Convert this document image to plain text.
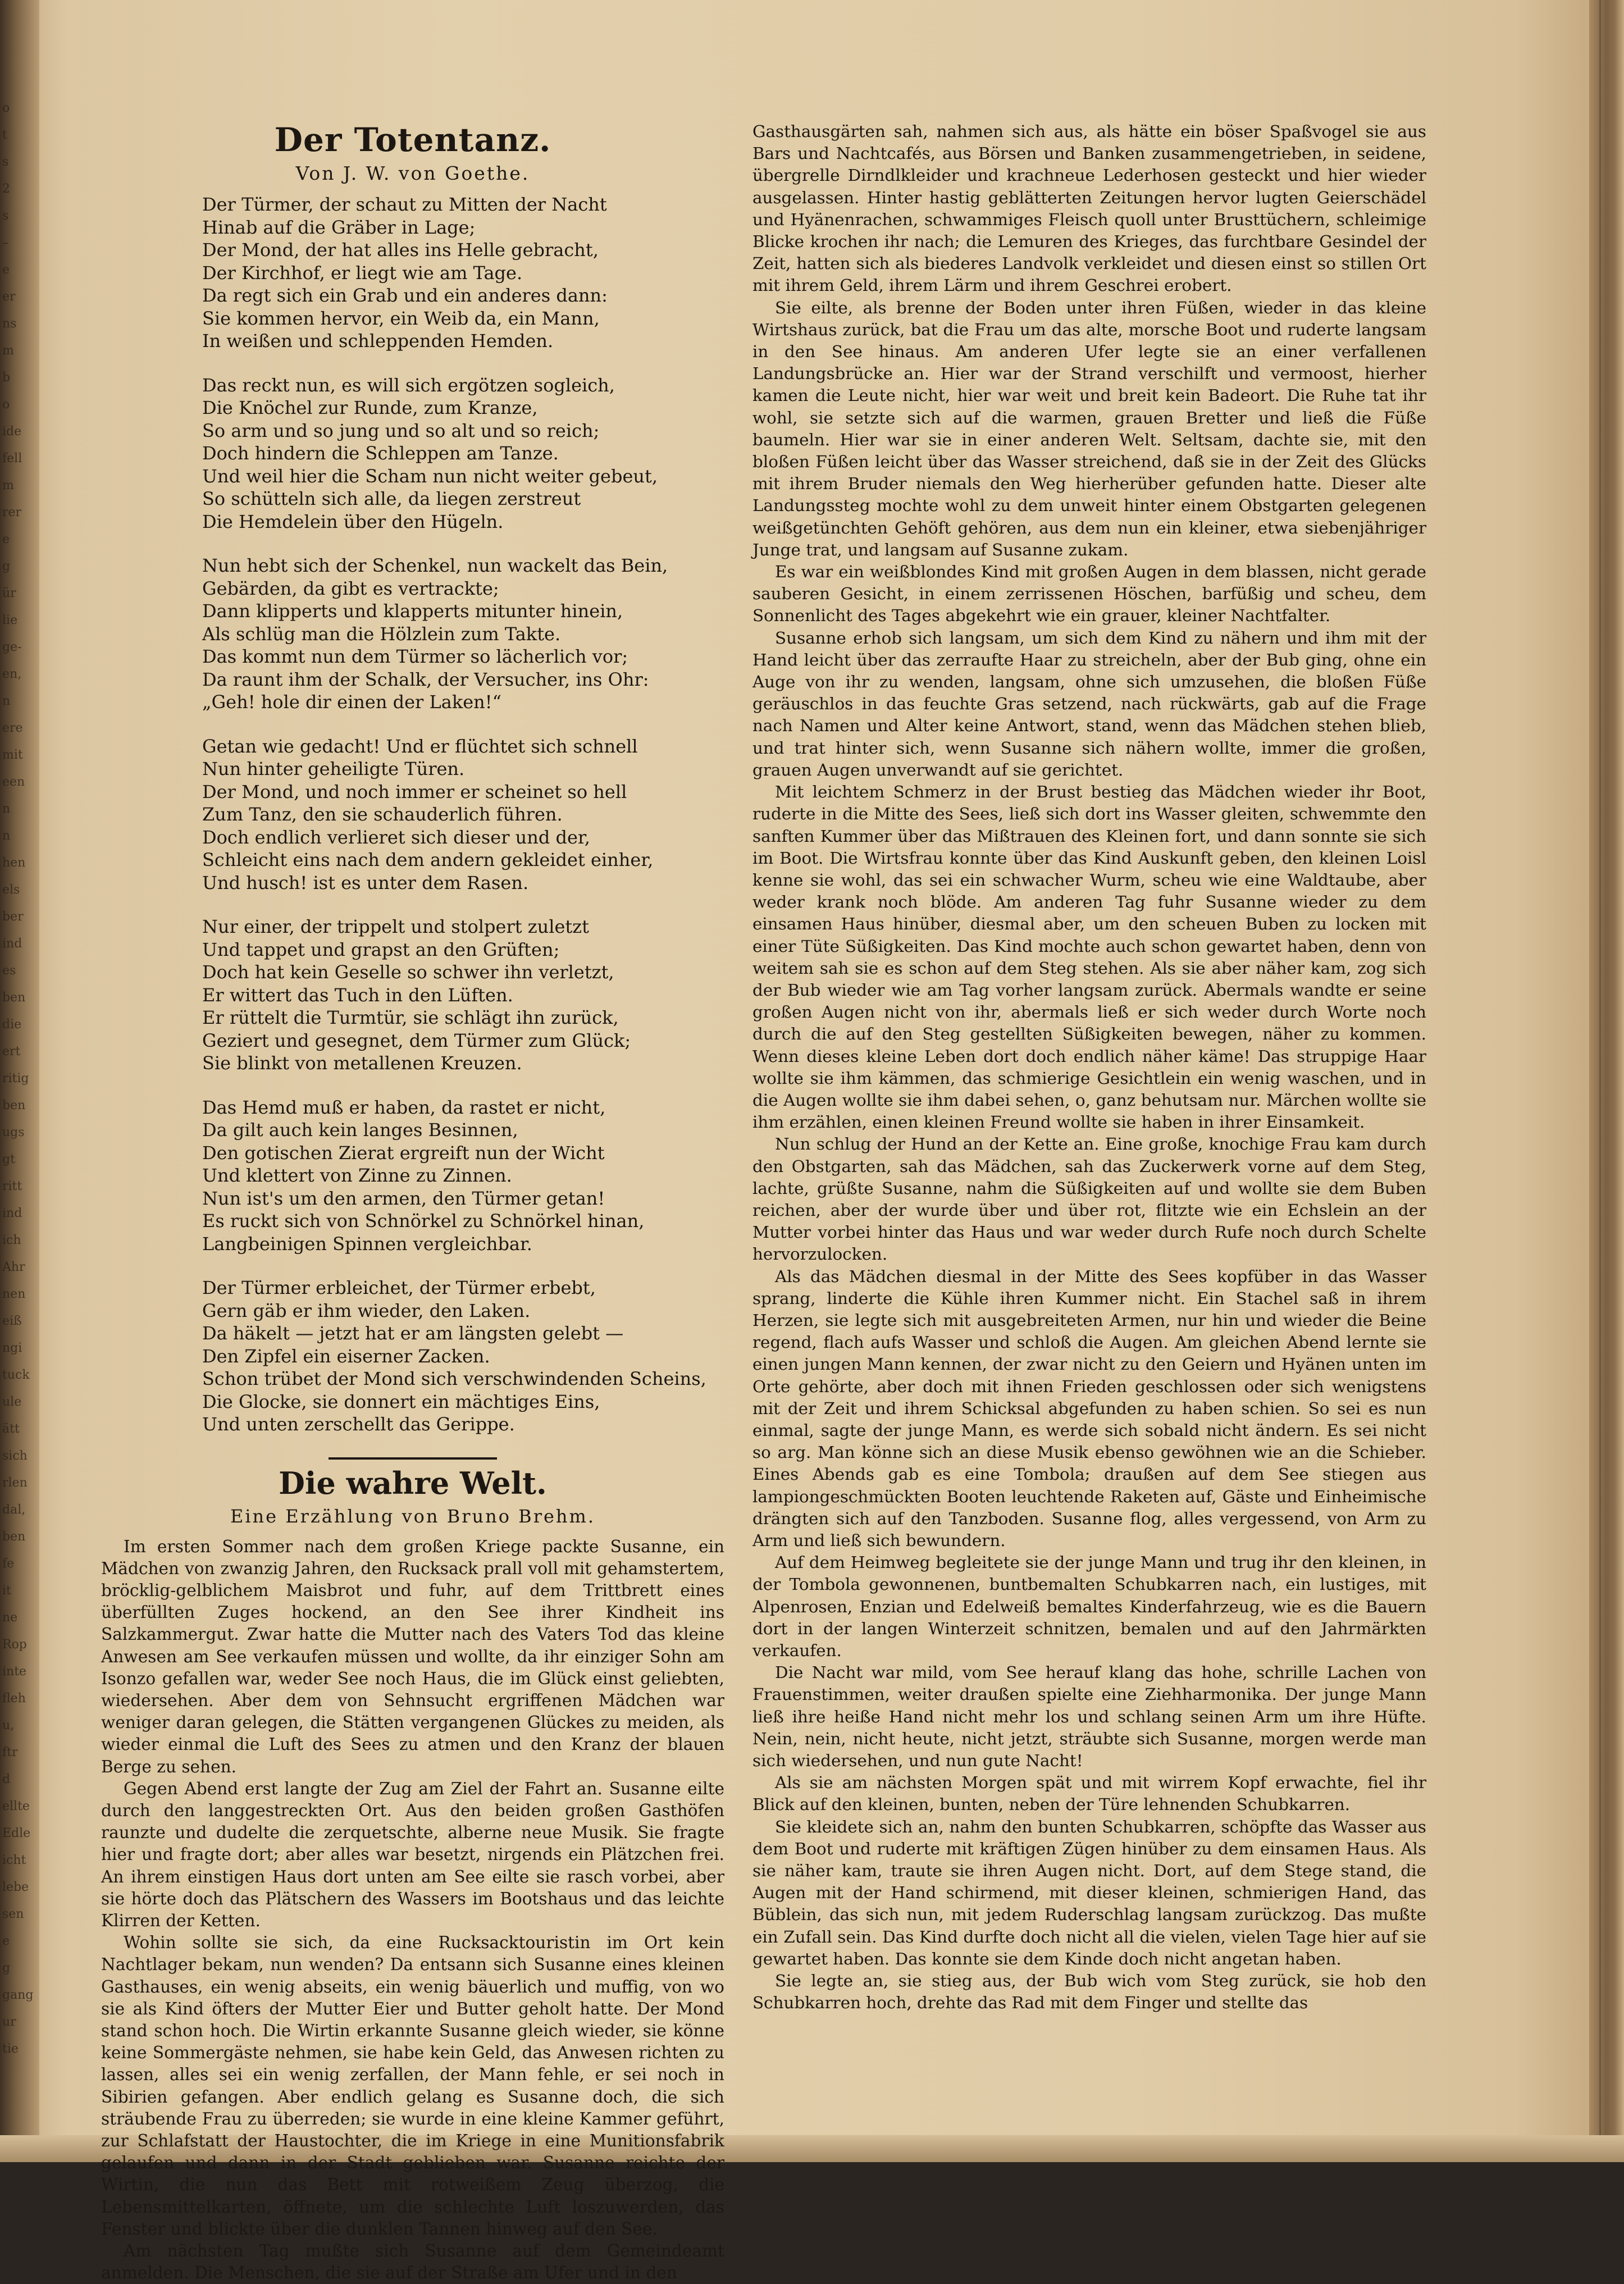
o
t
s
2
s
–
e
er
ns
m
b
o
ide
fell
m
rer
e
g
ür
lie
ge-
en,
n
ere
mit
een
n
n
hen
els
ber
ind
es
ben
die
ert
ritig
ben
ugs
gt
ritt
ind
ich
Ahr
nen
eiß
ngi
tuck
ule
ätt
sich
rlen
dal,
ben
fe
it
ne
Rop
inte
fleh
u,
ftr
d
ellte
Edle
icht
lebe
sen
e
g
gang
ur
tie
Der Totentanz.
Von J. W. von Goethe.
Der Türmer, der schaut zu Mitten der Nacht
Hinab auf die Gräber in Lage;
Der Mond, der hat alles ins Helle gebracht,
Der Kirchhof, er liegt wie am Tage.
Da regt sich ein Grab und ein anderes dann:
Sie kommen hervor, ein Weib da, ein Mann,
In weißen und schleppenden Hemden.
Das reckt nun, es will sich ergötzen sogleich,
Die Knöchel zur Runde, zum Kranze,
So arm und so jung und so alt und so reich;
Doch hindern die Schleppen am Tanze.
Und weil hier die Scham nun nicht weiter gebeut,
So schütteln sich alle, da liegen zerstreut
Die Hemdelein über den Hügeln.
Nun hebt sich der Schenkel, nun wackelt das Bein,
Gebärden, da gibt es vertrackte;
Dann klipperts und klapperts mitunter hinein,
Als schlüg man die Hölzlein zum Takte.
Das kommt nun dem Türmer so lächerlich vor;
Da raunt ihm der Schalk, der Versucher, ins Ohr:
„Geh! hole dir einen der Laken!“
Getan wie gedacht! Und er flüchtet sich schnell
Nun hinter geheiligte Türen.
Der Mond, und noch immer er scheinet so hell
Zum Tanz, den sie schauderlich führen.
Doch endlich verlieret sich dieser und der,
Schleicht eins nach dem andern gekleidet einher,
Und husch! ist es unter dem Rasen.
Nur einer, der trippelt und stolpert zuletzt
Und tappet und grapst an den Grüften;
Doch hat kein Geselle so schwer ihn verletzt,
Er wittert das Tuch in den Lüften.
Er rüttelt die Turmtür, sie schlägt ihn zurück,
Geziert und gesegnet, dem Türmer zum Glück;
Sie blinkt von metallenen Kreuzen.
Das Hemd muß er haben, da rastet er nicht,
Da gilt auch kein langes Besinnen,
Den gotischen Zierat ergreift nun der Wicht
Und klettert von Zinne zu Zinnen.
Nun ist's um den armen, den Türmer getan!
Es ruckt sich von Schnörkel zu Schnörkel hinan,
Langbeinigen Spinnen vergleichbar.
Der Türmer erbleichet, der Türmer erbebt,
Gern gäb er ihm wieder, den Laken.
Da häkelt — jetzt hat er am längsten gelebt —
Den Zipfel ein eiserner Zacken.
Schon trübet der Mond sich verschwindenden Scheins,
Die Glocke, sie donnert ein mächtiges Eins,
Und unten zerschellt das Gerippe.
Die wahre Welt.
Eine Erzählung von Bruno Brehm.

Im ersten Sommer nach dem großen Kriege packte Susanne, ein Mädchen von zwanzig Jahren, den Rucksack prall voll mit gehamstertem, bröcklig-gelblichem Maisbrot und fuhr, auf dem Trittbrett eines überfüllten Zuges hockend, an den See ihrer Kindheit ins Salzkammergut. Zwar hatte die Mutter nach des Vaters Tod das kleine Anwesen am See verkaufen müssen und wollte, da ihr einziger Sohn am Isonzo gefallen war, weder See noch Haus, die im Glück einst geliebten, wiedersehen. Aber dem von Sehnsucht ergriffenen Mädchen war weniger daran gelegen, die Stätten vergangenen Glückes zu meiden, als wieder einmal die Luft des Sees zu atmen und den Kranz der blauen Berge zu sehen.

Gegen Abend erst langte der Zug am Ziel der Fahrt an. Susanne eilte durch den langgestreckten Ort. Aus den beiden großen Gasthöfen raunzte und dudelte die zerquetschte, alberne neue Musik. Sie fragte hier und fragte dort; aber alles war besetzt, nirgends ein Plätzchen frei. An ihrem einstigen Haus dort unten am See eilte sie rasch vorbei, aber sie hörte doch das Plätschern des Wassers im Bootshaus und das leichte Klirren der Ketten.

Wohin sollte sie sich, da eine Rucksacktouristin im Ort kein Nachtlager bekam, nun wenden? Da entsann sich Susanne eines kleinen Gasthauses, ein wenig abseits, ein wenig bäuerlich und muffig, von wo sie als Kind öfters der Mutter Eier und Butter geholt hatte. Der Mond stand schon hoch. Die Wirtin erkannte Susanne gleich wieder, sie könne keine Sommergäste nehmen, sie habe kein Geld, das Anwesen richten zu lassen, alles sei ein wenig zerfallen, der Mann fehle, er sei noch in Sibirien gefangen. Aber endlich gelang es Susanne doch, die sich sträubende Frau zu überreden; sie wurde in eine kleine Kammer geführt, zur Schlafstatt der Haustochter, die im Kriege in eine Munitionsfabrik gelaufen und dann in der Stadt geblieben war. Susanne reichte der Wirtin, die nun das Bett mit rotweißem Zeug überzog, die Lebensmittelkarten, öffnete, um die schlechte Luft loszuwerden, das Fenster und blickte über die dunklen Tannen hinweg auf den See.

Am nächsten Tag mußte sich Susanne auf dem Gemeindeamt anmelden. Die Menschen, die sie auf der Straße am Ufer und in den

Gasthausgärten sah, nahmen sich aus, als hätte ein böser Spaßvogel sie aus Bars und Nachtcafés, aus Börsen und Banken zusammengetrieben, in seidene, übergrelle Dirndlkleider und krachneue Lederhosen gesteckt und hier wieder ausgelassen. Hinter hastig geblätterten Zeitungen hervor lugten Geierschädel und Hyänenrachen, schwammiges Fleisch quoll unter Brusttüchern, schleimige Blicke krochen ihr nach; die Lemuren des Krieges, das furchtbare Gesindel der Zeit, hatten sich als biederes Landvolk verkleidet und diesen einst so stillen Ort mit ihrem Geld, ihrem Lärm und ihrem Geschrei erobert.

Sie eilte, als brenne der Boden unter ihren Füßen, wieder in das kleine Wirtshaus zurück, bat die Frau um das alte, morsche Boot und ruderte langsam in den See hinaus. Am anderen Ufer legte sie an einer verfallenen Landungsbrücke an. Hier war der Strand verschilft und vermoost, hierher kamen die Leute nicht, hier war weit und breit kein Badeort. Die Ruhe tat ihr wohl, sie setzte sich auf die warmen, grauen Bretter und ließ die Füße baumeln. Hier war sie in einer anderen Welt. Seltsam, dachte sie, mit den bloßen Füßen leicht über das Wasser streichend, daß sie in der Zeit des Glücks mit ihrem Bruder niemals den Weg hierherüber gefunden hatte. Dieser alte Landungssteg mochte wohl zu dem unweit hinter einem Obstgarten gelegenen weißgetünchten Gehöft gehören, aus dem nun ein kleiner, etwa siebenjähriger Junge trat, und langsam auf Susanne zukam.

Es war ein weißblondes Kind mit großen Augen in dem blassen, nicht gerade sauberen Gesicht, in einem zerrissenen Höschen, barfüßig und scheu, dem Sonnenlicht des Tages abgekehrt wie ein grauer, kleiner Nachtfalter.

Susanne erhob sich langsam, um sich dem Kind zu nähern und ihm mit der Hand leicht über das zerraufte Haar zu streicheln, aber der Bub ging, ohne ein Auge von ihr zu wenden, langsam, ohne sich umzusehen, die bloßen Füße geräuschlos in das feuchte Gras setzend, nach rückwärts, gab auf die Frage nach Namen und Alter keine Antwort, stand, wenn das Mädchen stehen blieb, und trat hinter sich, wenn Susanne sich nähern wollte, immer die großen, grauen Augen unverwandt auf sie gerichtet.

Mit leichtem Schmerz in der Brust bestieg das Mädchen wieder ihr Boot, ruderte in die Mitte des Sees, ließ sich dort ins Wasser gleiten, schwemmte den sanften Kummer über das Mißtrauen des Kleinen fort, und dann sonnte sie sich im Boot. Die Wirtsfrau konnte über das Kind Auskunft geben, den kleinen Loisl kenne sie wohl, das sei ein schwacher Wurm, scheu wie eine Waldtaube, aber weder krank noch blöde. Am anderen Tag fuhr Susanne wieder zu dem einsamen Haus hinüber, diesmal aber, um den scheuen Buben zu locken mit einer Tüte Süßigkeiten. Das Kind mochte auch schon gewartet haben, denn von weitem sah sie es schon auf dem Steg stehen. Als sie aber näher kam, zog sich der Bub wieder wie am Tag vorher langsam zurück. Abermals wandte er seine großen Augen nicht von ihr, abermals ließ er sich weder durch Worte noch durch die auf den Steg gestellten Süßigkeiten bewegen, näher zu kommen. Wenn dieses kleine Leben dort doch endlich näher käme! Das struppige Haar wollte sie ihm kämmen, das schmierige Gesichtlein ein wenig waschen, und in die Augen wollte sie ihm dabei sehen, o, ganz behutsam nur. Märchen wollte sie ihm erzählen, einen kleinen Freund wollte sie haben in ihrer Einsamkeit.

Nun schlug der Hund an der Kette an. Eine große, knochige Frau kam durch den Obstgarten, sah das Mädchen, sah das Zuckerwerk vorne auf dem Steg, lachte, grüßte Susanne, nahm die Süßigkeiten auf und wollte sie dem Buben reichen, aber der wurde über und über rot, flitzte wie ein Echslein an der Mutter vorbei hinter das Haus und war weder durch Rufe noch durch Schelte hervorzulocken.

Als das Mädchen diesmal in der Mitte des Sees kopfüber in das Wasser sprang, linderte die Kühle ihren Kummer nicht. Ein Stachel saß in ihrem Herzen, sie legte sich mit ausgebreiteten Armen, nur hin und wieder die Beine regend, flach aufs Wasser und schloß die Augen. Am gleichen Abend lernte sie einen jungen Mann kennen, der zwar nicht zu den Geiern und Hyänen unten im Orte gehörte, aber doch mit ihnen Frieden geschlossen oder sich wenigstens mit der Zeit und ihrem Schicksal abgefunden zu haben schien. So sei es nun einmal, sagte der junge Mann, es werde sich sobald nicht ändern. Es sei nicht so arg. Man könne sich an diese Musik ebenso gewöhnen wie an die Schieber. Eines Abends gab es eine Tombola; draußen auf dem See stiegen aus lampiongeschmückten Booten leuchtende Raketen auf, Gäste und Einheimische drängten sich auf den Tanzboden. Susanne flog, alles vergessend, von Arm zu Arm und ließ sich bewundern.

Auf dem Heimweg begleitete sie der junge Mann und trug ihr den kleinen, in der Tombola gewonnenen, buntbemalten Schubkarren nach, ein lustiges, mit Alpenrosen, Enzian und Edelweiß bemaltes Kinderfahrzeug, wie es die Bauern dort in der langen Winterzeit schnitzen, bemalen und auf den Jahrmärkten verkaufen.

Die Nacht war mild, vom See herauf klang das hohe, schrille Lachen von Frauenstimmen, weiter draußen spielte eine Ziehharmonika. Der junge Mann ließ ihre heiße Hand nicht mehr los und schlang seinen Arm um ihre Hüfte. Nein, nein, nicht heute, nicht jetzt, sträubte sich Susanne, morgen werde man sich wiedersehen, und nun gute Nacht!

Als sie am nächsten Morgen spät und mit wirrem Kopf erwachte, fiel ihr Blick auf den kleinen, bunten, neben der Türe lehnenden Schubkarren.

Sie kleidete sich an, nahm den bunten Schubkarren, schöpfte das Wasser aus dem Boot und ruderte mit kräftigen Zügen hinüber zu dem einsamen Haus. Als sie näher kam, traute sie ihren Augen nicht. Dort, auf dem Stege stand, die Augen mit der Hand schirmend, mit dieser kleinen, schmierigen Hand, das Büblein, das sich nun, mit jedem Ruderschlag langsam zurückzog. Das mußte ein Zufall sein. Das Kind durfte doch nicht all die vielen, vielen Tage hier auf sie gewartet haben. Das konnte sie dem Kinde doch nicht angetan haben.

Sie legte an, sie stieg aus, der Bub wich vom Steg zurück, sie hob den Schubkarren hoch, drehte das Rad mit dem Finger und stellte das
